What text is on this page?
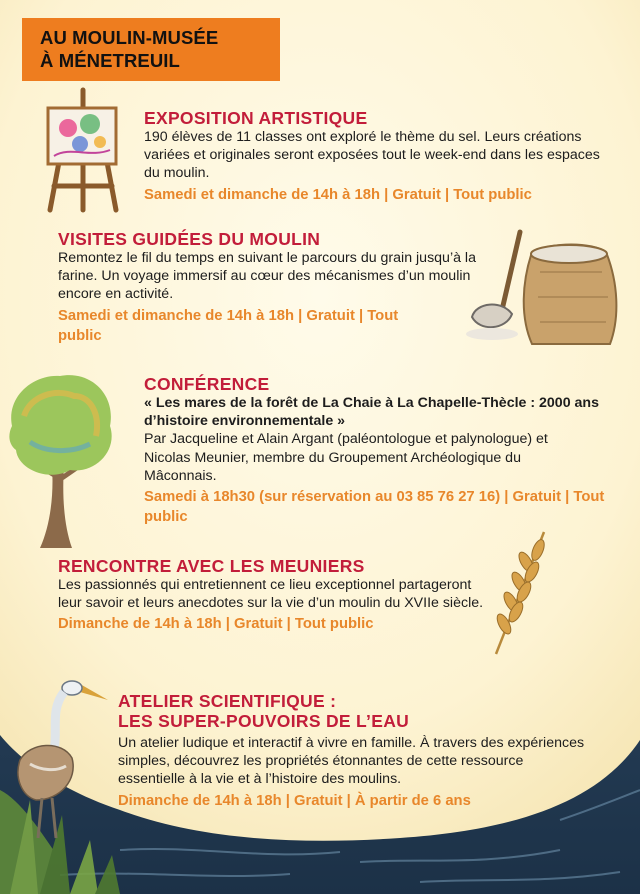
AU MOULIN-MUSÉE
À MÉNETREUIL

EXPOSITION ARTISTIQUE

190 élèves de 11 classes ont exploré le thème du sel. Leurs créations variées et originales seront exposées tout le week-end dans les espaces du moulin.

Samedi et dimanche de 14h à 18h | Gratuit | Tout public

VISITES GUIDÉES DU MOULIN

Remontez le fil du temps en suivant le parcours du grain jusqu’à la farine. Un voyage immersif au cœur des mécanismes d’un moulin encore en activité.

Samedi et dimanche de 14h à 18h | Gratuit | Tout public

CONFÉRENCE

« Les mares de la forêt de La Chaie à La Chapelle-Thècle : 2000 ans d’histoire environnementale »

Par Jacqueline et Alain Argant (paléontologue et palynologue) et Nicolas Meunier, membre du Groupement Archéologique du Mâconnais.

Samedi à 18h30 (sur réservation au 03 85 76 27 16) | Gratuit | Tout public

RENCONTRE AVEC LES MEUNIERS

Les passionnés qui entretiennent ce lieu exceptionnel partageront leur savoir et leurs anecdotes sur la vie d’un moulin du XVIIe siècle.

Dimanche de 14h à 18h | Gratuit | Tout public

ATELIER SCIENTIFIQUE :

LES SUPER-POUVOIRS DE L’EAU

Un atelier ludique et interactif à vivre en famille. À travers des expériences simples, découvrez les propriétés étonnantes de cette ressource essentielle à la vie et à l’histoire des moulins.

Dimanche de 14h à 18h | Gratuit | À partir de 6 ans
